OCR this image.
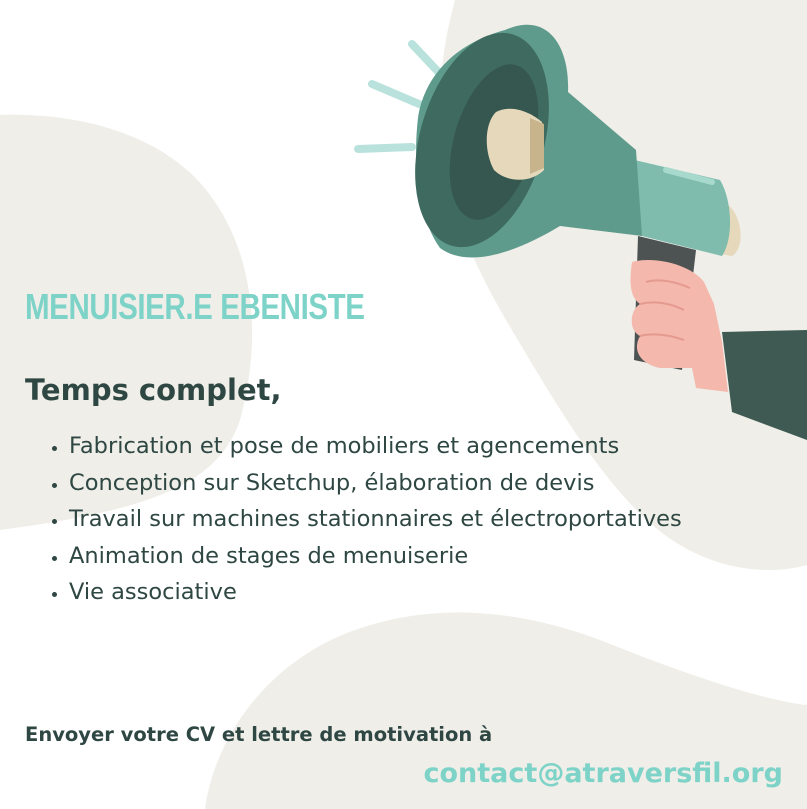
MENUISIER.E EBENISTE
Temps complet,
• Fabrication et pose de mobiliers et agencements
• Conception sur Sketchup, élaboration de devis
• Travail sur machines stationnaires et électroportatives
• Animation de stages de menuiserie
• Vie associative

Envoyer votre CV et lettre de motivation à

contact@atraversfil.org
